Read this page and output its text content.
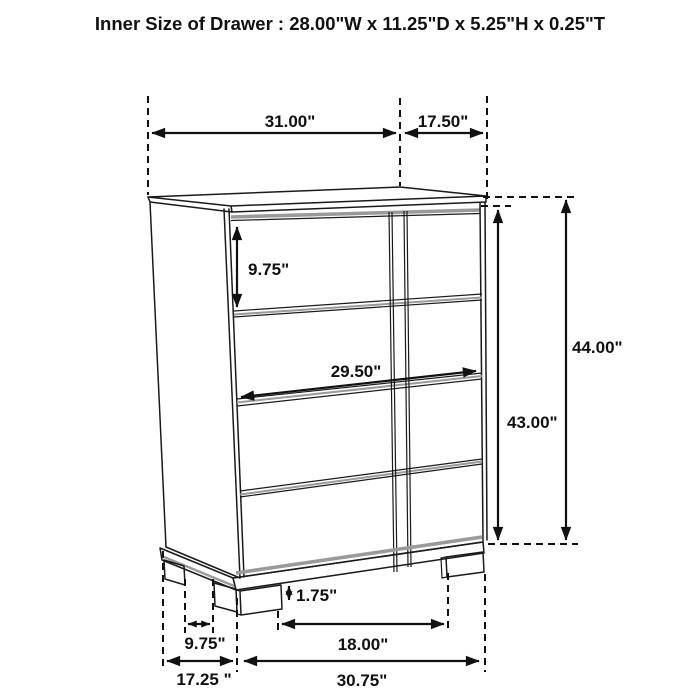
Inner Size of Drawer : 28.00"W x 11.25"D x 5.25"H x 0.25"T
31.00"	17.50"
9.75"
29.50"
43.00"
44.00"
1.75"
9.75"	18.00"
17.25 "	30.75"
